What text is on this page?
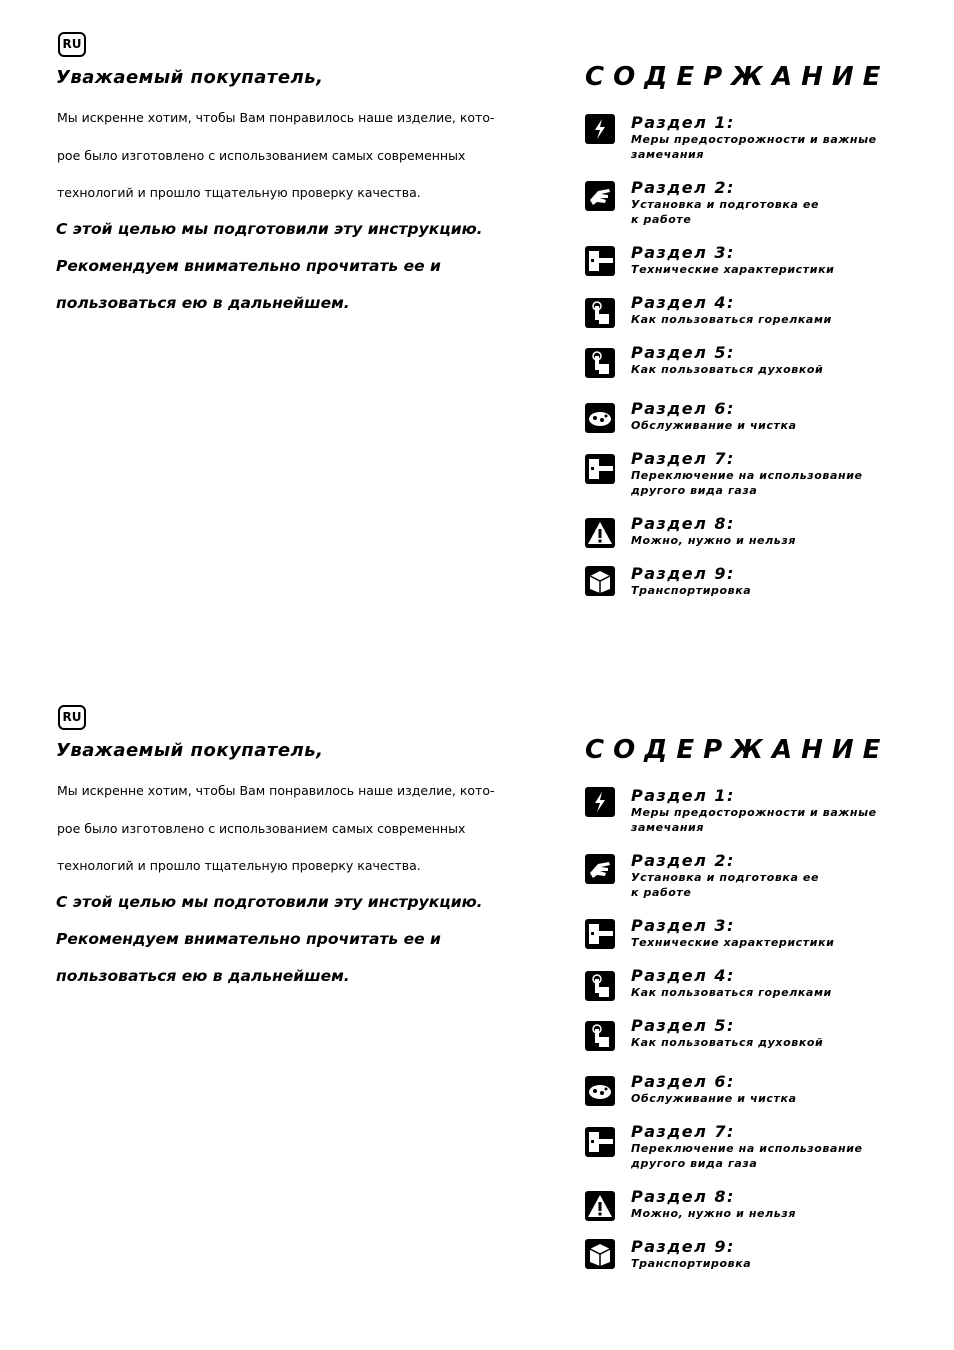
RU
Уважаемый покупатель,
Мы искренне хотим, чтобы Вам понравилось наше изделие, кото-
рое было изготовлено с использованием самых современных
технологий и прошло тщательную проверку качества.
С этой целью мы подготовили эту инструкцию.
Рекомендуем внимательно прочитать ее и
пользоваться ею в дальнейшем.
СОДЕРЖАНИЕ
Раздел 1:
Меры предосторожности и важные
замечания
Раздел 2:
Установка и подготовка ее
к работе
Раздел 3:
Технические характеристики
Раздел 4:
Как пользоваться горелками
Раздел 5:
Как пользоваться духовкой
Раздел 6:
Обслуживание и чистка
Раздел 7:
Переключение на использование
другого вида газа
Раздел 8:
Можно, нужно и нельзя
Раздел 9:
Транспортировка
RU
Уважаемый покупатель,
Мы искренне хотим, чтобы Вам понравилось наше изделие, кото-
рое было изготовлено с использованием самых современных
технологий и прошло тщательную проверку качества.
С этой целью мы подготовили эту инструкцию.
Рекомендуем внимательно прочитать ее и
пользоваться ею в дальнейшем.
СОДЕРЖАНИЕ
Раздел 1:
Меры предосторожности и важные
замечания
Раздел 2:
Установка и подготовка ее
к работе
Раздел 3:
Технические характеристики
Раздел 4:
Как пользоваться горелками
Раздел 5:
Как пользоваться духовкой
Раздел 6:
Обслуживание и чистка
Раздел 7:
Переключение на использование
другого вида газа
Раздел 8:
Можно, нужно и нельзя
Раздел 9:
Транспортировка
